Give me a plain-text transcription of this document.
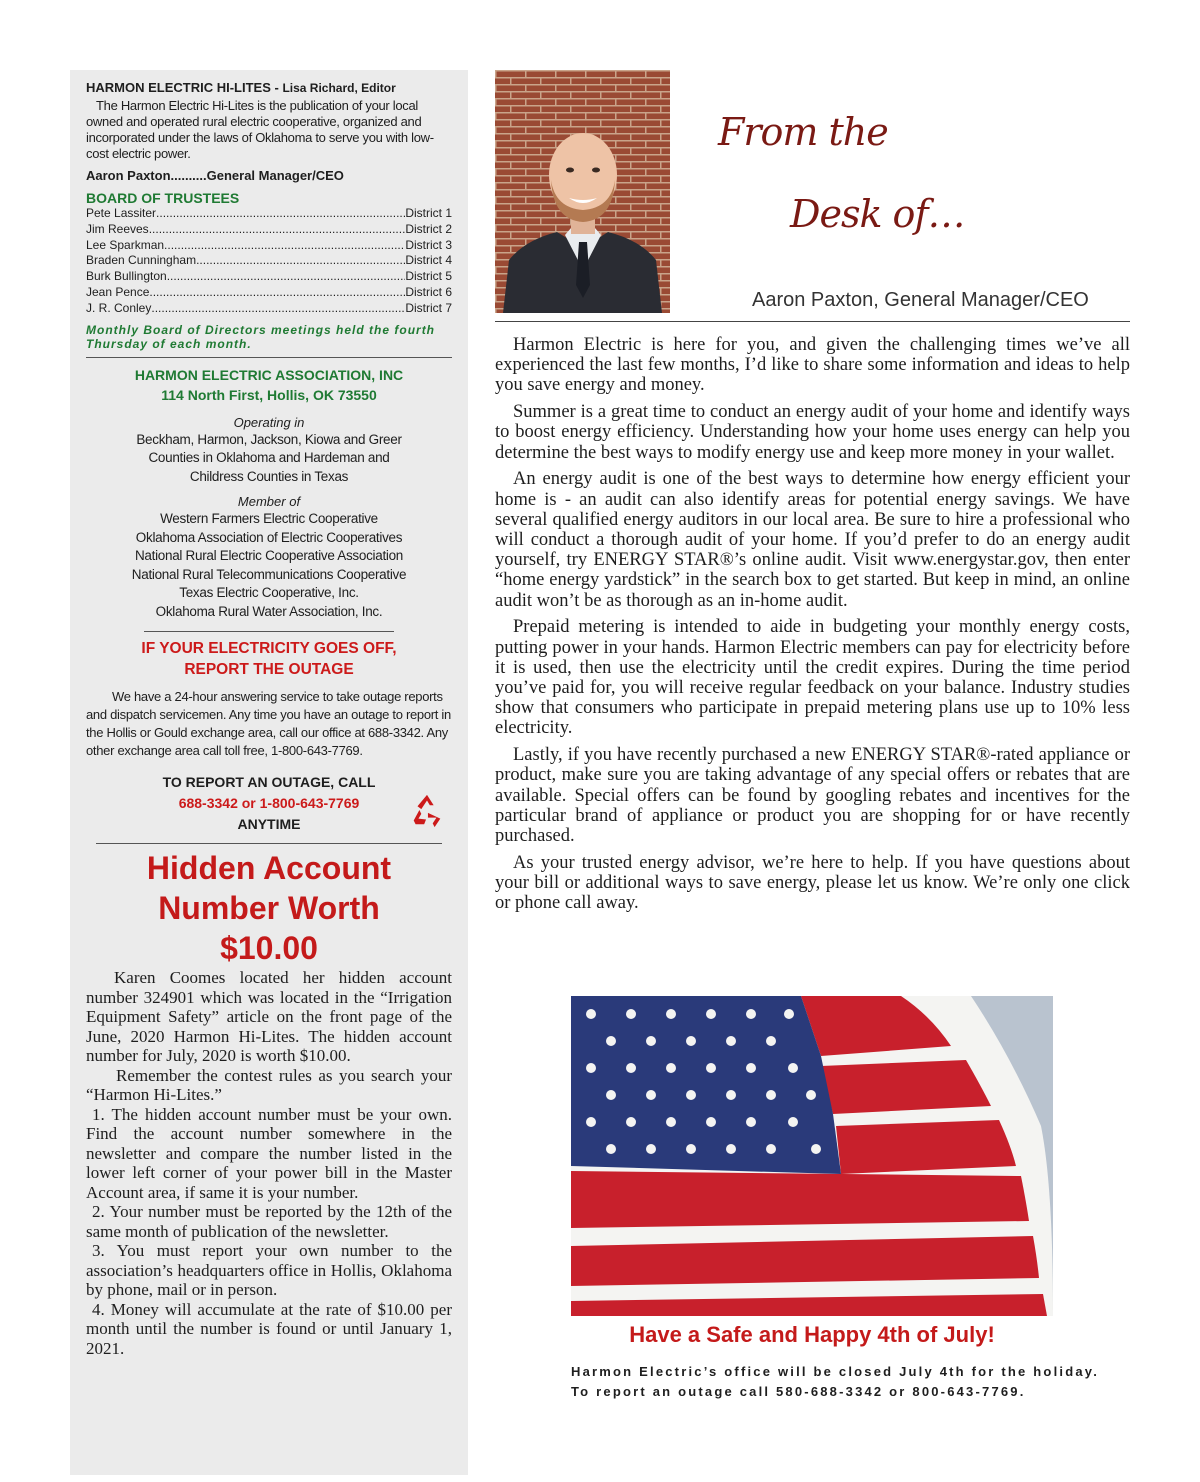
HARMON ELECTRIC HI-LITES - Lisa Richard, Editor
The Harmon Electric Hi-Lites is the publication of your local owned and operated rural electric cooperative, organized and incorporated under the laws of Oklahoma to serve you with low-cost electric power.
Aaron Paxton..........General Manager/CEO
BOARD OF TRUSTEES
Pete Lassiter .....	District 1
Jim Reeves .....	District 2
Lee Sparkman .....	District 3
Braden Cunningham .....	District 4
Burk Bullington .....	District 5
Jean Pence .....	District 6
J. R. Conley .....	District 7
Monthly Board of Directors meetings held the fourth Thursday of each month.
HARMON ELECTRIC ASSOCIATION, INC
114 North First, Hollis, OK 73550
Operating in
Beckham, Harmon, Jackson, Kiowa and Greer Counties in Oklahoma and Hardeman and Childress Counties in Texas
Member of
Western Farmers Electric Cooperative
Oklahoma Association of Electric Cooperatives
National Rural Electric Cooperative Association
National Rural Telecommunications Cooperative
Texas Electric Cooperative, Inc.
Oklahoma Rural Water Association, Inc.
IF YOUR ELECTRICITY GOES OFF,
REPORT THE OUTAGE
We have a 24-hour answering service to take outage reports and dispatch servicemen. Any time you have an outage to report in the Hollis or Gould exchange area, call our office at 688-3342. Any other exchange area call toll free, 1-800-643-7769.
TO REPORT AN OUTAGE, CALL
688-3342 or 1-800-643-7769
ANYTIME
Hidden Account
Number Worth
$10.00

Karen Coomes located her hidden account number 324901 which was located in the “Irrigation Equipment Safety” article on the front page of the June, 2020 Harmon Hi-Lites. The hidden account number for July, 2020 is worth $10.00.

Remember the contest rules as you search your “Harmon Hi-Lites.”

1. The hidden account number must be your own. Find the account number somewhere in the newsletter and compare the number listed in the lower left corner of your power bill in the Master Account area, if same it is your number.

2. Your number must be reported by the 12th of the same month of publication of the newsletter.

3. You must report your own number to the association’s headquarters office in Hollis, Oklahoma by phone, mail or in person.

4. Money will accumulate at the rate of $10.00 per month until the number is found or until January 1, 2021.

From the
Desk of…
Aaron Paxton, General Manager/CEO

Harmon Electric is here for you, and given the challenging times we’ve all experienced the last few months, I’d like to share some information and ideas to help you save energy and money.

Summer is a great time to conduct an energy audit of your home and identify ways to boost energy efficiency. Understanding how your home uses energy can help you determine the best ways to modify energy use and keep more money in your wallet.

An energy audit is one of the best ways to determine how energy efficient your home is - an audit can also identify areas for potential energy savings. We have several qualified energy auditors in our local area. Be sure to hire a professional who will conduct a thorough audit of your home. If you’d prefer to do an energy audit yourself, try ENERGY STAR®’s online audit. Visit www.energystar.gov, then enter “home energy yardstick” in the search box to get started. But keep in mind, an online audit won’t be as thorough as an in-home audit.

Prepaid metering is intended to aide in budgeting your monthly energy costs, putting power in your hands. Harmon Electric members can pay for electricity before it is used, then use the electricity until the credit expires. During the time period you’ve paid for, you will receive regular feedback on your balance. Industry studies show that consumers who participate in prepaid metering plans use up to 10% less electricity.

Lastly, if you have recently purchased a new ENERGY STAR®-rated appliance or product, make sure you are taking advantage of any special offers or rebates that are available. Special offers can be found by googling rebates and incentives for the particular brand of appliance or product you are shopping for or have recently purchased.

As your trusted energy advisor, we’re here to help. If you have questions about your bill or additional ways to save energy, please let us know. We’re only one click or phone call away.

Have a Safe and Happy 4th of July!
Harmon Electric’s office will be closed July 4th for the holiday.
To report an outage call 580-688-3342 or 800-643-7769.
